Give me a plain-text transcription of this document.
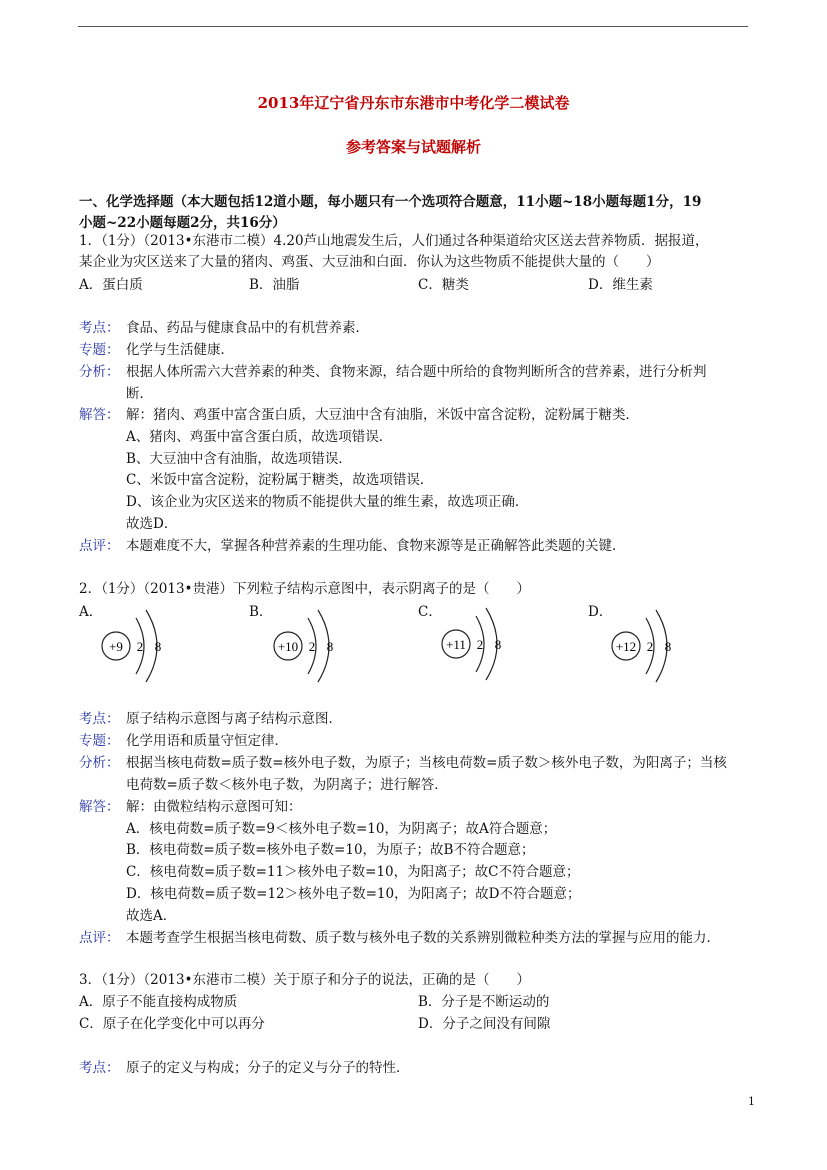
2013年辽宁省丹东市东港市中考化学二模试卷
参考答案与试题解析
一、化学选择题（本大题包括12道小题，每小题只有一个选项符合题意，11小题~18小题每题1分，19
小题~22小题每题2分，共16分）
1．（1分）（2013•东港市二模）4.20芦山地震发生后，人们通过各种渠道给灾区送去营养物质．据报道，
某企业为灾区送来了大量的猪肉、鸡蛋、大豆油和白面．你认为这些物质不能提供大量的（　　）
A．蛋白质	B．油脂	C．糖类	D．维生素
考点： 食品、药品与健康食品中的有机营养素．
专题： 化学与生活健康．
分析： 根据人体所需六大营养素的种类、食物来源，结合题中所给的食物判断所含的营养素，进行分析判
断．
解答： 解：猪肉、鸡蛋中富含蛋白质，大豆油中含有油脂，米饭中富含淀粉，淀粉属于糖类．
A、猪肉、鸡蛋中富含蛋白质，故选项错误．
B、大豆油中含有油脂，故选项错误．
C、米饭中富含淀粉，淀粉属于糖类，故选项错误．
D、该企业为灾区送来的物质不能提供大量的维生素，故选项正确．
故选D．
点评： 本题难度不大，掌握各种营养素的生理功能、食物来源等是正确解答此类题的关键．
2．（1分）（2013•贵港）下列粒子结构示意图中，表示阴离子的是（　　）
A．
+9 2 8
B．
+10 2 8
C．
+11 2 8
D．
+12 2 8
考点： 原子结构示意图与离子结构示意图．
专题： 化学用语和质量守恒定律．
分析： 根据当核电荷数=质子数=核外电子数，为原子；当核电荷数=质子数＞核外电子数，为阳离子；当核
电荷数=质子数＜核外电子数，为阴离子；进行解答．
解答： 解：由微粒结构示意图可知：
A．核电荷数=质子数=9＜核外电子数=10，为阴离子；故A符合题意；
B．核电荷数=质子数=核外电子数=10，为原子；故B不符合题意；
C．核电荷数=质子数=11＞核外电子数=10，为阳离子；故C不符合题意；
D．核电荷数=质子数=12＞核外电子数=10，为阳离子；故D不符合题意；
故选A．
点评： 本题考查学生根据当核电荷数、质子数与核外电子数的关系辨别微粒种类方法的掌握与应用的能力．
3．（1分）（2013•东港市二模）关于原子和分子的说法，正确的是（　　）
A．原子不能直接构成物质	B．分子是不断运动的
C．原子在化学变化中可以再分	D．分子之间没有间隙
考点： 原子的定义与构成；分子的定义与分子的特性．
1
